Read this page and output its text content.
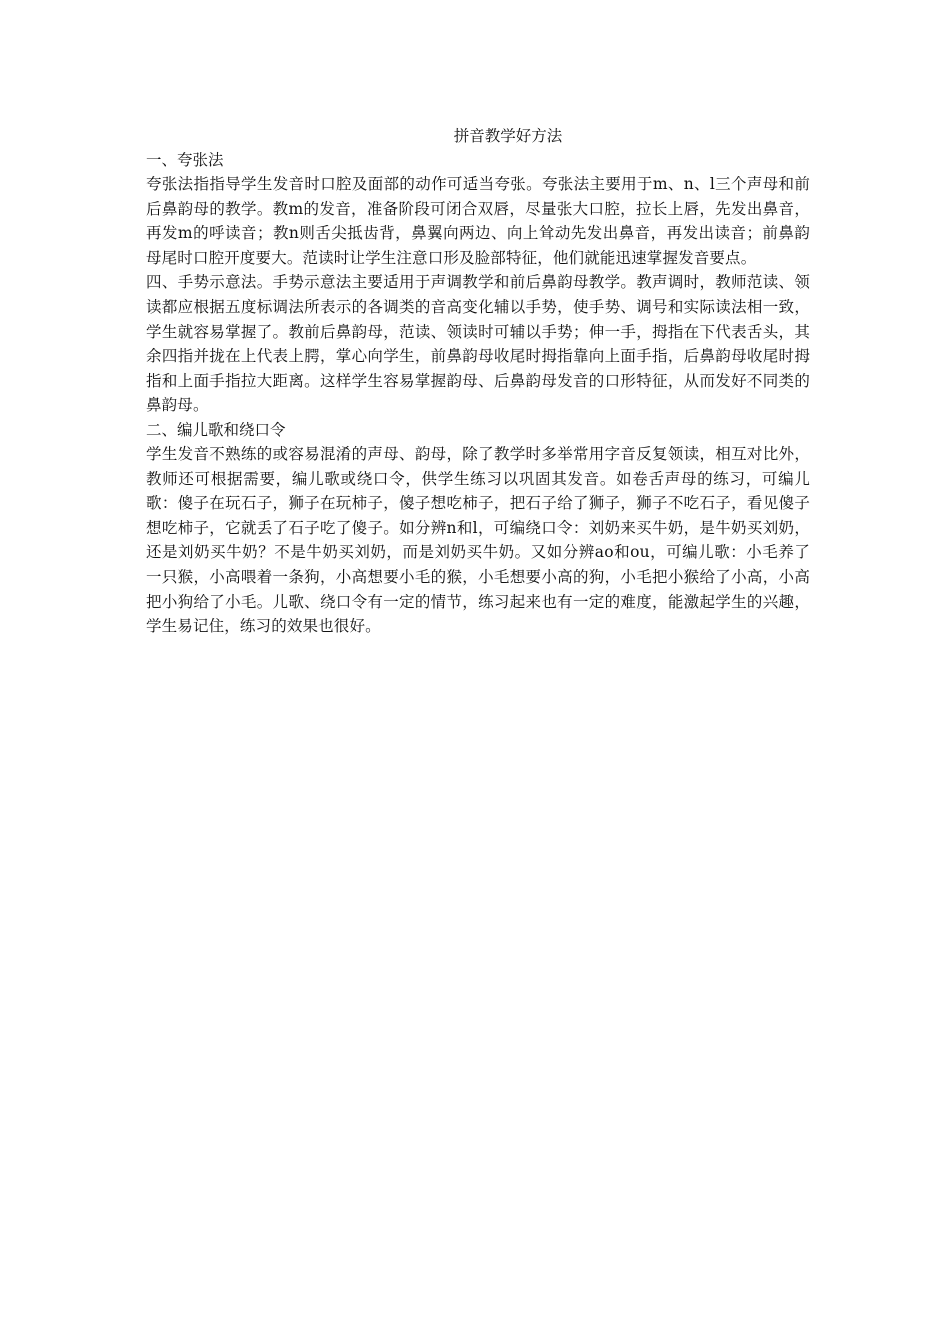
拼音教学好方法
一、夸张法

夸张法指指导学生发音时口腔及面部的动作可适当夸张。夸张法主要用于m、n、l三个声母和前后鼻韵母的教学。教m的发音，准备阶段可闭合双唇，尽量张大口腔，拉长上唇，先发出鼻音，再发m的呼读音；教n则舌尖抵齿背，鼻翼向两边、向上耸动先发出鼻音，再发出读音；前鼻韵母尾时口腔开度要大。范读时让学生注意口形及脸部特征，他们就能迅速掌握发音要点。

四、手势示意法。手势示意法主要适用于声调教学和前后鼻韵母教学。教声调时，教师范读、领读都应根据五度标调法所表示的各调类的音高变化辅以手势，使手势、调号和实际读法相一致，学生就容易掌握了。教前后鼻韵母，范读、领读时可辅以手势；伸一手，拇指在下代表舌头，其余四指并拢在上代表上腭，掌心向学生，前鼻韵母收尾时拇指靠向上面手指，后鼻韵母收尾时拇指和上面手指拉大距离。这样学生容易掌握韵母、后鼻韵母发音的口形特征，从而发好不同类的鼻韵母。

二、编儿歌和绕口令

学生发音不熟练的或容易混淆的声母、韵母，除了教学时多举常用字音反复领读，相互对比外，教师还可根据需要，编儿歌或绕口令，供学生练习以巩固其发音。如卷舌声母的练习，可编儿歌：傻子在玩石子，狮子在玩柿子，傻子想吃柿子，把石子给了狮子，狮子不吃石子，看见傻子想吃柿子，它就丢了石子吃了傻子。如分辨n和l，可编绕口令：刘奶来买牛奶，是牛奶买刘奶，还是刘奶买牛奶？不是牛奶买刘奶，而是刘奶买牛奶。又如分辨ao和ou，可编儿歌：小毛养了一只猴，小高喂着一条狗，小高想要小毛的猴，小毛想要小高的狗，小毛把小猴给了小高，小高把小狗给了小毛。儿歌、绕口令有一定的情节，练习起来也有一定的难度，能激起学生的兴趣，学生易记住，练习的效果也很好。
